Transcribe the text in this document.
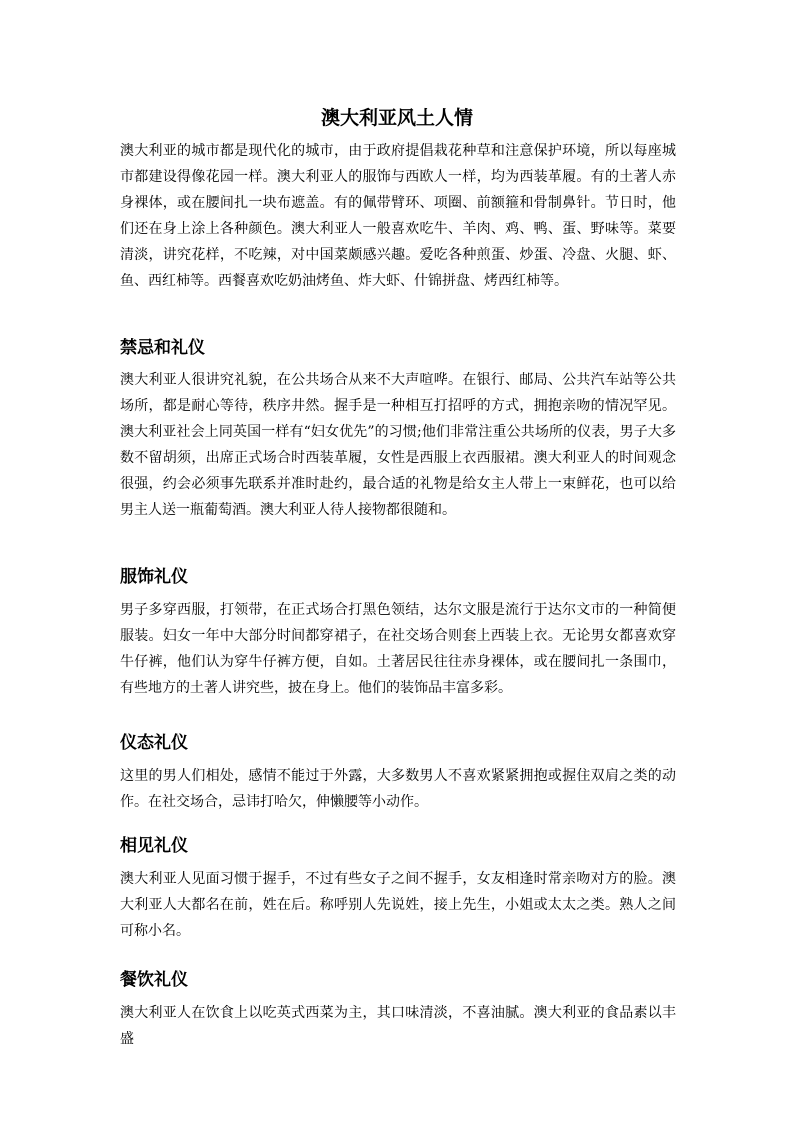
澳大利亚风土人情

澳大利亚的城市都是现代化的城市，由于政府提倡栽花种草和注意保护环境，所以每座城市都建设得像花园一样。澳大利亚人的服饰与西欧人一样，均为西装革履。有的土著人赤身裸体，或在腰间扎一块布遮盖。有的佩带臂环、项圈、前额箍和骨制鼻针。节日时，他们还在身上涂上各种颜色。澳大利亚人一般喜欢吃牛、羊肉、鸡、鸭、蛋、野味等。菜要清淡，讲究花样，不吃辣，对中国菜颇感兴趣。爱吃各种煎蛋、炒蛋、冷盘、火腿、虾、鱼、西红柿等。西餐喜欢吃奶油烤鱼、炸大虾、什锦拼盘、烤西红柿等。

禁忌和礼仪

澳大利亚人很讲究礼貌，在公共场合从来不大声喧哗。在银行、邮局、公共汽车站等公共场所，都是耐心等待，秩序井然。握手是一种相互打招呼的方式，拥抱亲吻的情况罕见。澳大利亚社会上同英国一样有“妇女优先”的习惯;他们非常注重公共场所的仪表，男子大多数不留胡须，出席正式场合时西装革履，女性是西服上衣西服裙。澳大利亚人的时间观念很强，约会必须事先联系并准时赴约，最合适的礼物是给女主人带上一束鲜花，也可以给男主人送一瓶葡萄酒。澳大利亚人待人接物都很随和。

服饰礼仪

男子多穿西服，打领带，在正式场合打黑色领结，达尔文服是流行于达尔文市的一种简便服装。妇女一年中大部分时间都穿裙子，在社交场合则套上西装上衣。无论男女都喜欢穿牛仔裤，他们认为穿牛仔裤方便，自如。土著居民往往赤身裸体，或在腰间扎一条围巾，有些地方的土著人讲究些，披在身上。他们的装饰品丰富多彩。

仪态礼仪

这里的男人们相处，感情不能过于外露，大多数男人不喜欢紧紧拥抱或握住双肩之类的动作。在社交场合，忌讳打哈欠，伸懒腰等小动作。

相见礼仪

澳大利亚人见面习惯于握手，不过有些女子之间不握手，女友相逢时常亲吻对方的脸。澳大利亚人大都名在前，姓在后。称呼别人先说姓，接上先生，小姐或太太之类。熟人之间可称小名。

餐饮礼仪

澳大利亚人在饮食上以吃英式西菜为主，其口味清淡，不喜油腻。澳大利亚的食品素以丰盛
